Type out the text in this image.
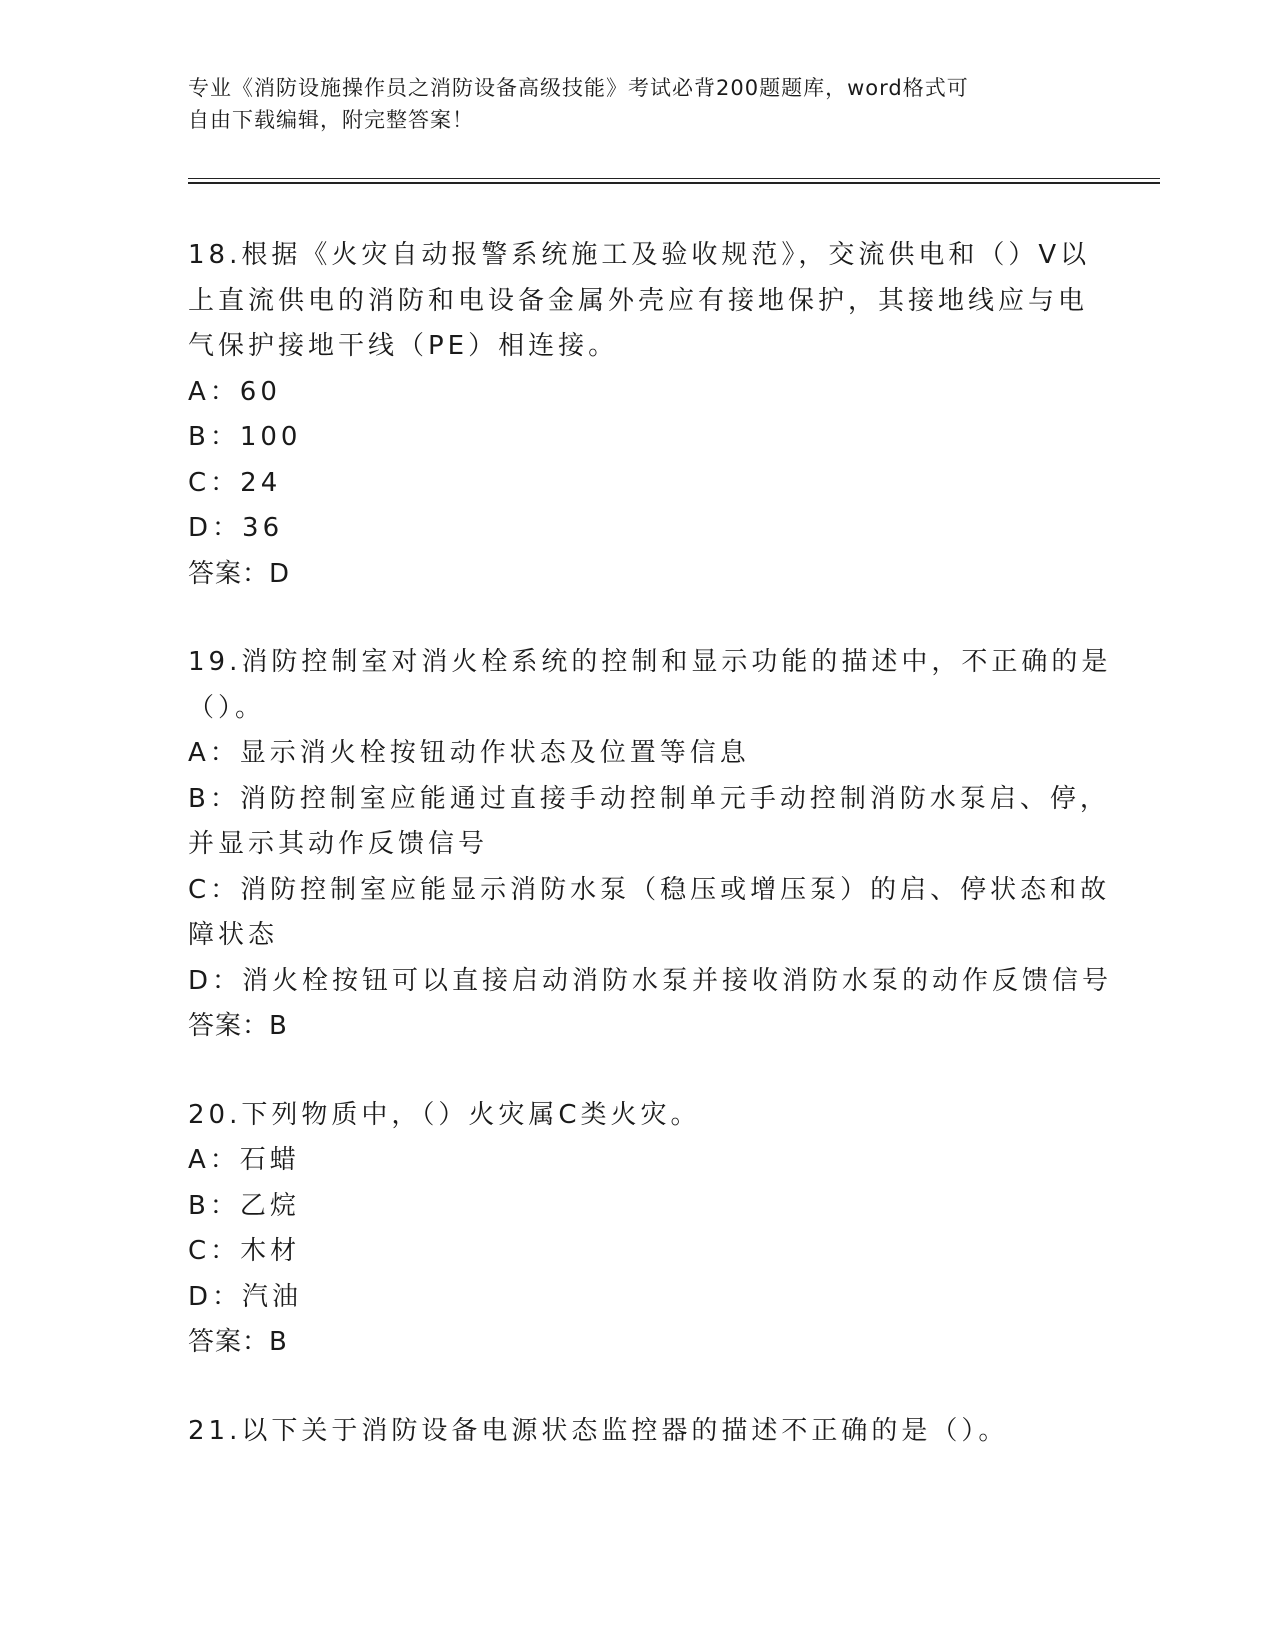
专业《消防设施操作员之消防设备高级技能》考试必背200题题库，word格式可
自由下载编辑，附完整答案！
18.根据《火灾自动报警系统施工及验收规范》，交流供电和（）V以
上直流供电的消防和电设备金属外壳应有接地保护，其接地线应与电
气保护接地干线（PE）相连接。
A：60
B：100
C：24
D：36
答案：D
19.消防控制室对消火栓系统的控制和显示功能的描述中，不正确的是
（）。
A：显示消火栓按钮动作状态及位置等信息
B：消防控制室应能通过直接手动控制单元手动控制消防水泵启、停，
并显示其动作反馈信号
C：消防控制室应能显示消防水泵（稳压或增压泵）的启、停状态和故
障状态
D：消火栓按钮可以直接启动消防水泵并接收消防水泵的动作反馈信号
答案：B
20.下列物质中，（）火灾属C类火灾。
A：石蜡
B：乙烷
C：木材
D：汽油
答案：B
21.以下关于消防设备电源状态监控器的描述不正确的是（）。
